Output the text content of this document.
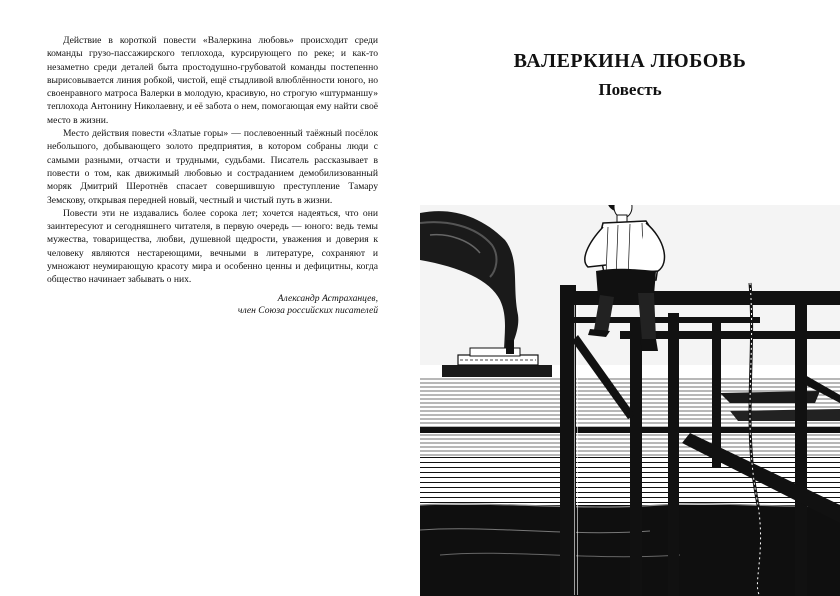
Действие в короткой повести «Валеркина любовь» происходит среди команды грузо-пассажирского теплохода, курсирующего по реке; и как-то незаметно среди деталей быта простодушно-грубоватой команды постепенно вырисовывается линия робкой, чистой, ещё стыдливой влюблённости юного, но своенравного матроса Валерки в молодую, красивую, но строгую «штурманшу» теплохода Антонину Николаевну, и её забота о нем, помогающая ему найти своё место в жизни.

Место действия повести «Златые горы» — послевоенный таёжный посёлок небольшого, добывающего золото предприятия, в котором собраны люди с самыми разными, отчасти и трудными, судьбами. Писатель рассказывает в повести о том, как движимый любовью и состраданием демобилизованный моряк Дмитрий Шеротнёв спасает совершившую преступление Тамару Земскову, открывая передней новый, честный и чистый путь в жизни.

Повести эти не издавались более сорока лет; хочется надеяться, что они заинтересуют и сегодняшнего читателя, в первую очередь — юного: ведь темы мужества, товарищества, любви, душевной щедрости, уважения и доверия к человеку являются нестареющими, вечными в литературе, сохраняют и умножают неумирающую красоту мира и особенно ценны и дефицитны, когда общество начинает забывать о них.

Александр Астраханцев,
член Союза российских писателей
ВАЛЕРКИНА ЛЮБОВЬ
Повесть
